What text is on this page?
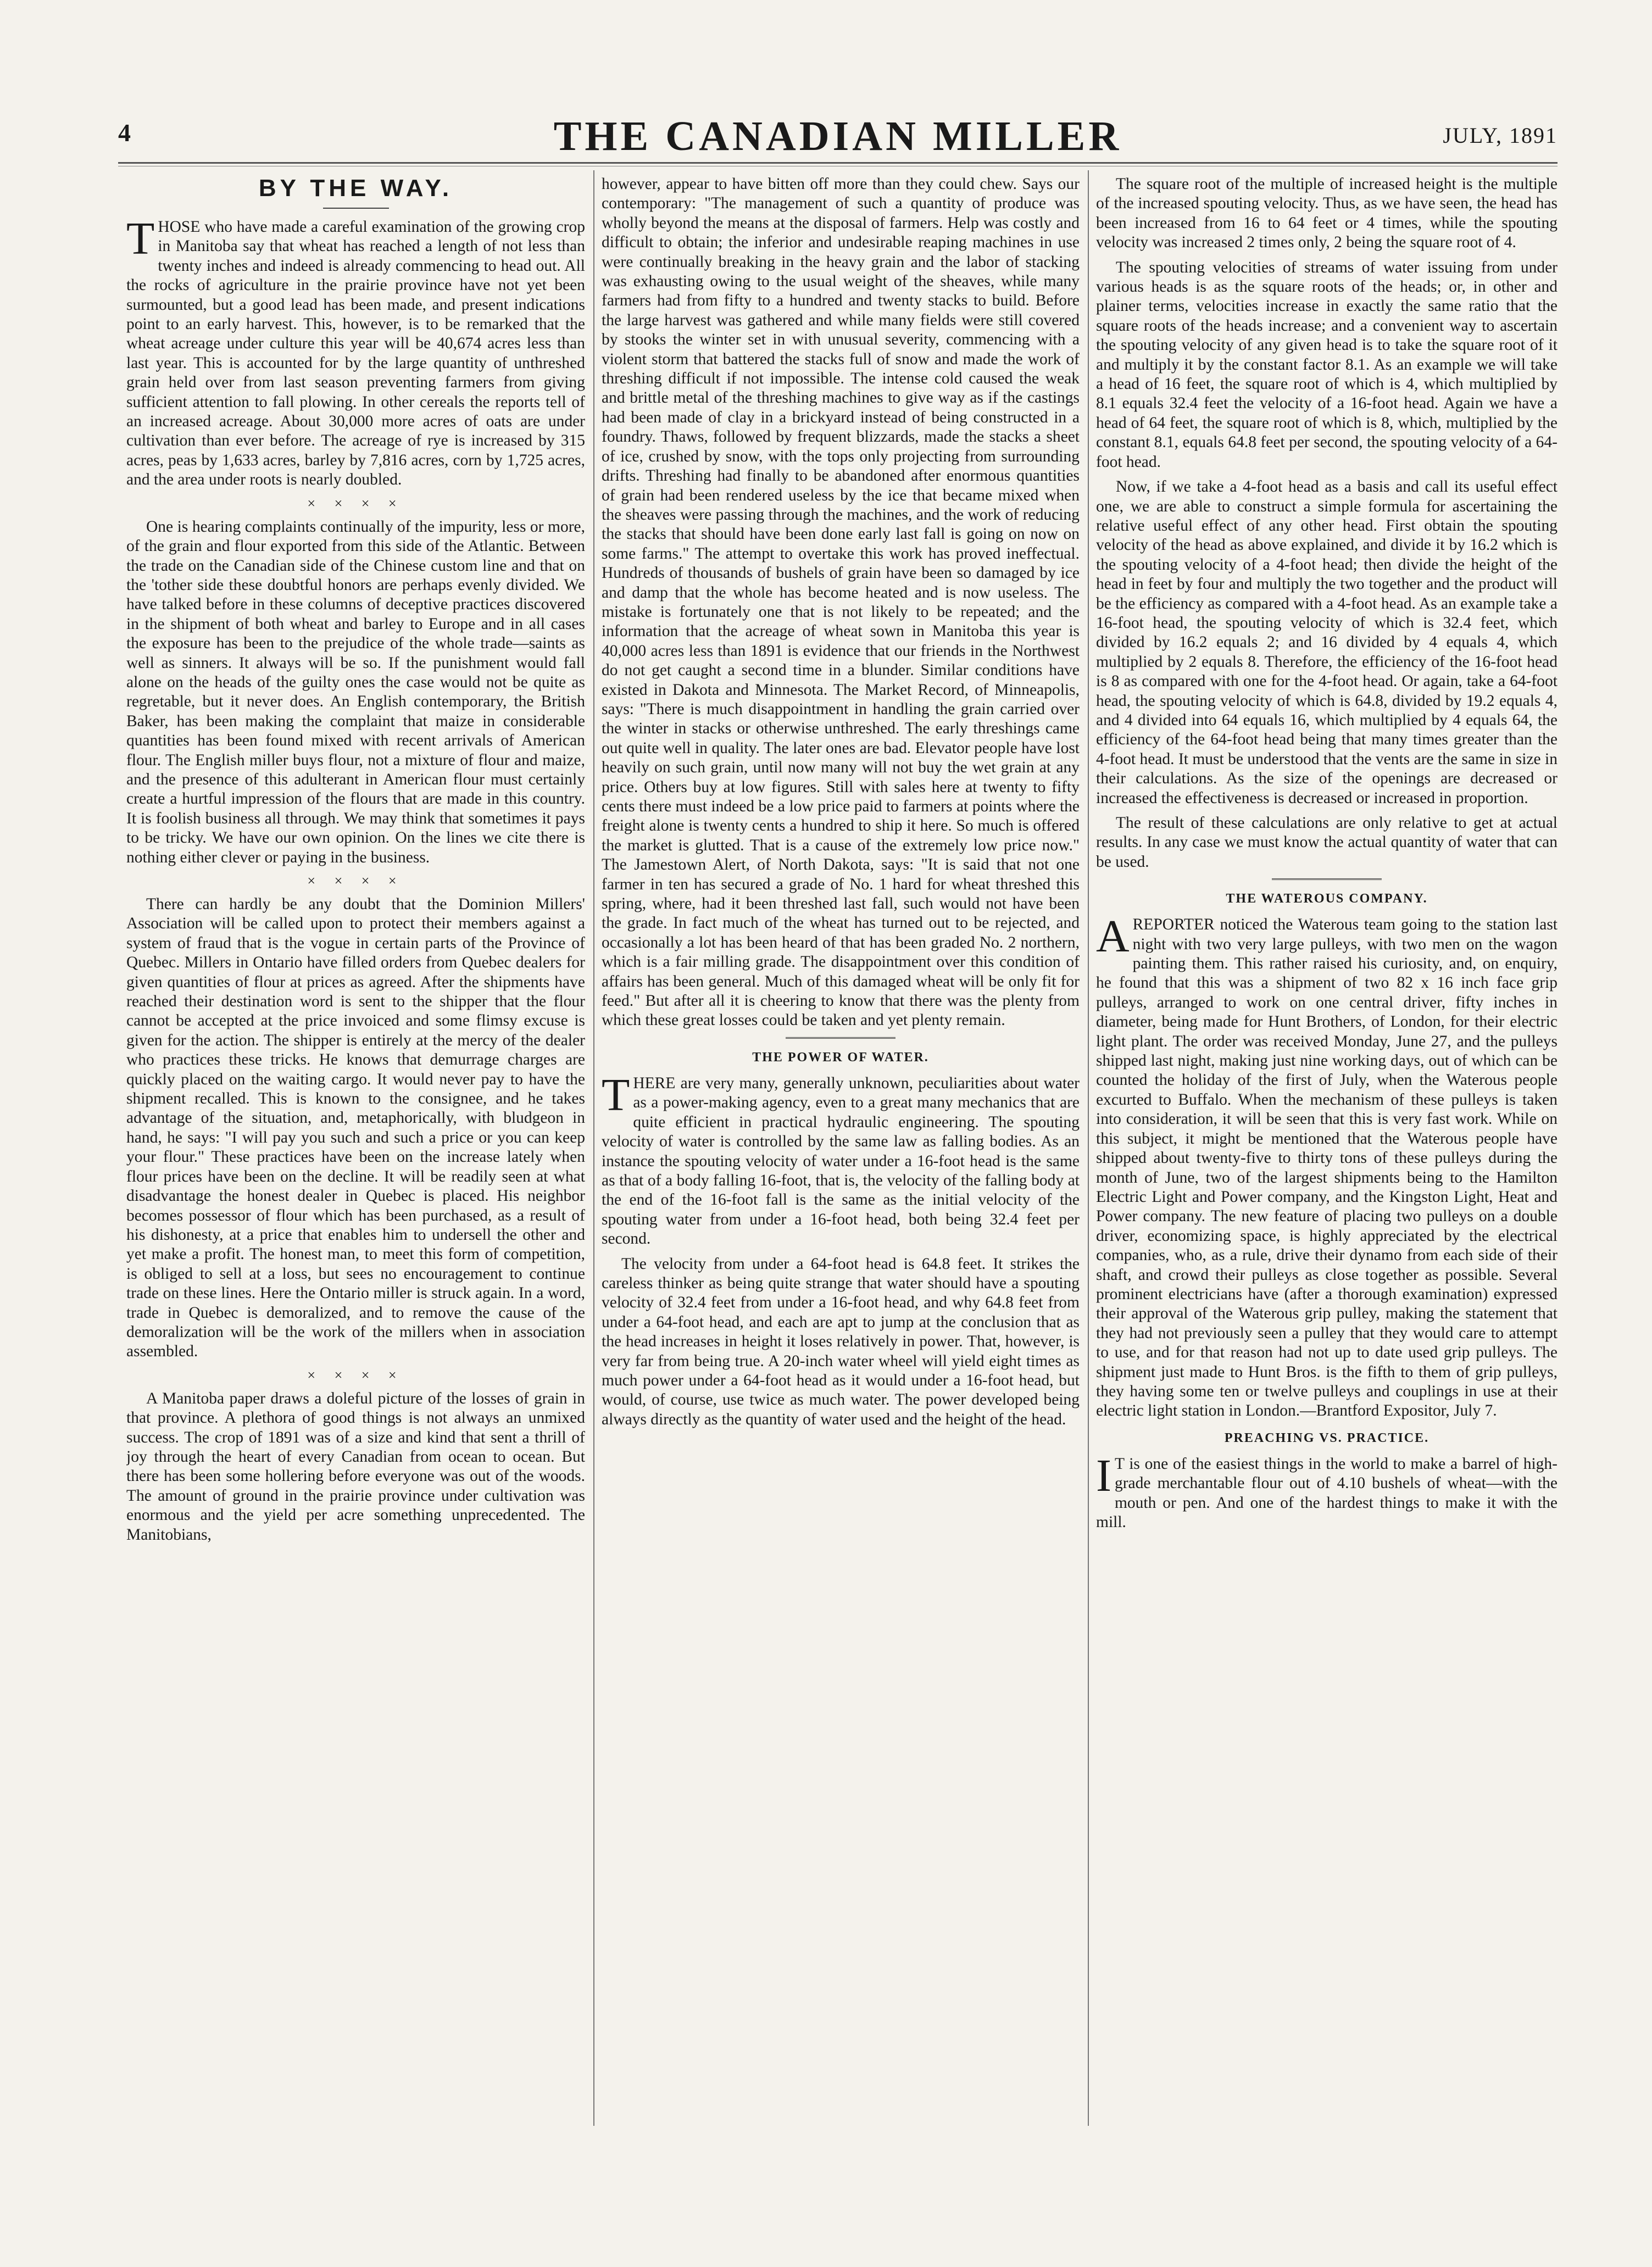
4	THE CANADIAN MILLER	JULY, 1891
BY THE WAY.

THOSE who have made a careful examination of the growing crop in Manitoba say that wheat has reached a length of not less than twenty inches and indeed is already commencing to head out. All the rocks of agriculture in the prairie province have not yet been surmounted, but a good lead has been made, and present indications point to an early harvest. This, however, is to be remarked that the wheat acreage under culture this year will be 40,674 acres less than last year. This is accounted for by the large quantity of unthreshed grain held over from last season preventing farmers from giving sufficient attention to fall plowing. In other cereals the reports tell of an increased acreage. About 30,000 more acres of oats are under cultivation than ever before. The acreage of rye is increased by 315 acres, peas by 1,633 acres, barley by 7,816 acres, corn by 1,725 acres, and the area under roots is nearly doubled.

× × × ×

One is hearing complaints continually of the impurity, less or more, of the grain and flour exported from this side of the Atlantic. Between the trade on the Canadian side of the Chinese custom line and that on the 'tother side these doubtful honors are perhaps evenly divided. We have talked before in these columns of deceptive practices discovered in the shipment of both wheat and barley to Europe and in all cases the exposure has been to the prejudice of the whole trade—saints as well as sinners. It always will be so. If the punishment would fall alone on the heads of the guilty ones the case would not be quite as regretable, but it never does. An English contemporary, the British Baker, has been making the complaint that maize in considerable quantities has been found mixed with recent arrivals of American flour. The English miller buys flour, not a mixture of flour and maize, and the presence of this adulterant in American flour must certainly create a hurtful impression of the flours that are made in this country. It is foolish business all through. We may think that sometimes it pays to be tricky. We have our own opinion. On the lines we cite there is nothing either clever or paying in the business.

× × × ×

There can hardly be any doubt that the Dominion Millers' Association will be called upon to protect their members against a system of fraud that is the vogue in certain parts of the Province of Quebec. Millers in Ontario have filled orders from Quebec dealers for given quantities of flour at prices as agreed. After the shipments have reached their destination word is sent to the shipper that the flour cannot be accepted at the price invoiced and some flimsy excuse is given for the action. The shipper is entirely at the mercy of the dealer who practices these tricks. He knows that demurrage charges are quickly placed on the waiting cargo. It would never pay to have the shipment recalled. This is known to the consignee, and he takes advantage of the situation, and, metaphorically, with bludgeon in hand, he says: "I will pay you such and such a price or you can keep your flour." These practices have been on the increase lately when flour prices have been on the decline. It will be readily seen at what disadvantage the honest dealer in Quebec is placed. His neighbor becomes possessor of flour which has been purchased, as a result of his dishonesty, at a price that enables him to undersell the other and yet make a profit. The honest man, to meet this form of competition, is obliged to sell at a loss, but sees no encouragement to continue trade on these lines. Here the Ontario miller is struck again. In a word, trade in Quebec is demoralized, and to remove the cause of the demoralization will be the work of the millers when in association assembled.

× × × ×

A Manitoba paper draws a doleful picture of the losses of grain in that province. A plethora of good things is not always an unmixed success. The crop of 1891 was of a size and kind that sent a thrill of joy through the heart of every Canadian from ocean to ocean. But there has been some hollering before everyone was out of the woods. The amount of ground in the prairie province under cultivation was enormous and the yield per acre something unprecedented. The Manitobians,

however, appear to have bitten off more than they could chew. Says our contemporary: "The management of such a quantity of produce was wholly beyond the means at the disposal of farmers. Help was costly and difficult to obtain; the inferior and undesirable reaping machines in use were continually breaking in the heavy grain and the labor of stacking was exhausting owing to the usual weight of the sheaves, while many farmers had from fifty to a hundred and twenty stacks to build. Before the large harvest was gathered and while many fields were still covered by stooks the winter set in with unusual severity, commencing with a violent storm that battered the stacks full of snow and made the work of threshing difficult if not impossible. The intense cold caused the weak and brittle metal of the threshing machines to give way as if the castings had been made of clay in a brickyard instead of being constructed in a foundry. Thaws, followed by frequent blizzards, made the stacks a sheet of ice, crushed by snow, with the tops only projecting from surrounding drifts. Threshing had finally to be abandoned after enormous quantities of grain had been rendered useless by the ice that became mixed when the sheaves were passing through the machines, and the work of reducing the stacks that should have been done early last fall is going on now on some farms." The attempt to overtake this work has proved ineffectual. Hundreds of thousands of bushels of grain have been so damaged by ice and damp that the whole has become heated and is now useless. The mistake is fortunately one that is not likely to be repeated; and the information that the acreage of wheat sown in Manitoba this year is 40,000 acres less than 1891 is evidence that our friends in the Northwest do not get caught a second time in a blunder. Similar conditions have existed in Dakota and Minnesota. The Market Record, of Minneapolis, says: "There is much disappointment in handling the grain carried over the winter in stacks or otherwise unthreshed. The early threshings came out quite well in quality. The later ones are bad. Elevator people have lost heavily on such grain, until now many will not buy the wet grain at any price. Others buy at low figures. Still with sales here at twenty to fifty cents there must indeed be a low price paid to farmers at points where the freight alone is twenty cents a hundred to ship it here. So much is offered the market is glutted. That is a cause of the extremely low price now." The Jamestown Alert, of North Dakota, says: "It is said that not one farmer in ten has secured a grade of No. 1 hard for wheat threshed this spring, where, had it been threshed last fall, such would not have been the grade. In fact much of the wheat has turned out to be rejected, and occasionally a lot has been heard of that has been graded No. 2 northern, which is a fair milling grade. The disappointment over this condition of affairs has been general. Much of this damaged wheat will be only fit for feed." But after all it is cheering to know that there was the plenty from which these great losses could be taken and yet plenty remain.

THE POWER OF WATER.

THERE are very many, generally unknown, peculiarities about water as a power-making agency, even to a great many mechanics that are quite efficient in practical hydraulic engineering. The spouting velocity of water is controlled by the same law as falling bodies. As an instance the spouting velocity of water under a 16-foot head is the same as that of a body falling 16-foot, that is, the velocity of the falling body at the end of the 16-foot fall is the same as the initial velocity of the spouting water from under a 16-foot head, both being 32.4 feet per second.

The velocity from under a 64-foot head is 64.8 feet. It strikes the careless thinker as being quite strange that water should have a spouting velocity of 32.4 feet from under a 16-foot head, and why 64.8 feet from under a 64-foot head, and each are apt to jump at the conclusion that as the head increases in height it loses relatively in power. That, however, is very far from being true. A 20-inch water wheel will yield eight times as much power under a 64-foot head as it would under a 16-foot head, but would, of course, use twice as much water. The power developed being always directly as the quantity of water used and the height of the head.

The square root of the multiple of increased height is the multiple of the increased spouting velocity. Thus, as we have seen, the head has been increased from 16 to 64 feet or 4 times, while the spouting velocity was increased 2 times only, 2 being the square root of 4.

The spouting velocities of streams of water issuing from under various heads is as the square roots of the heads; or, in other and plainer terms, velocities increase in exactly the same ratio that the square roots of the heads increase; and a convenient way to ascertain the spouting velocity of any given head is to take the square root of it and multiply it by the constant factor 8.1. As an example we will take a head of 16 feet, the square root of which is 4, which multiplied by 8.1 equals 32.4 feet the velocity of a 16-foot head. Again we have a head of 64 feet, the square root of which is 8, which, multiplied by the constant 8.1, equals 64.8 feet per second, the spouting velocity of a 64-foot head.

Now, if we take a 4-foot head as a basis and call its useful effect one, we are able to construct a simple formula for ascertaining the relative useful effect of any other head. First obtain the spouting velocity of the head as above explained, and divide it by 16.2 which is the spouting velocity of a 4-foot head; then divide the height of the head in feet by four and multiply the two together and the product will be the efficiency as compared with a 4-foot head. As an example take a 16-foot head, the spouting velocity of which is 32.4 feet, which divided by 16.2 equals 2; and 16 divided by 4 equals 4, which multiplied by 2 equals 8. Therefore, the efficiency of the 16-foot head is 8 as compared with one for the 4-foot head. Or again, take a 64-foot head, the spouting velocity of which is 64.8, divided by 19.2 equals 4, and 4 divided into 64 equals 16, which multiplied by 4 equals 64, the efficiency of the 64-foot head being that many times greater than the 4-foot head. It must be understood that the vents are the same in size in their calculations. As the size of the openings are decreased or increased the effectiveness is decreased or increased in proportion.

The result of these calculations are only relative to get at actual results. In any case we must know the actual quantity of water that can be used.

THE WATEROUS COMPANY.

A REPORTER noticed the Waterous team going to the station last night with two very large pulleys, with two men on the wagon painting them. This rather raised his curiosity, and, on enquiry, he found that this was a shipment of two 82 x 16 inch face grip pulleys, arranged to work on one central driver, fifty inches in diameter, being made for Hunt Brothers, of London, for their electric light plant. The order was received Monday, June 27, and the pulleys shipped last night, making just nine working days, out of which can be counted the holiday of the first of July, when the Waterous people excurted to Buffalo. When the mechanism of these pulleys is taken into consideration, it will be seen that this is very fast work. While on this subject, it might be mentioned that the Waterous people have shipped about twenty-five to thirty tons of these pulleys during the month of June, two of the largest shipments being to the Hamilton Electric Light and Power company, and the Kingston Light, Heat and Power company. The new feature of placing two pulleys on a double driver, economizing space, is highly appreciated by the electrical companies, who, as a rule, drive their dynamo from each side of their shaft, and crowd their pulleys as close together as possible. Several prominent electricians have (after a thorough examination) expressed their approval of the Waterous grip pulley, making the statement that they had not previously seen a pulley that they would care to attempt to use, and for that reason had not up to date used grip pulleys. The shipment just made to Hunt Bros. is the fifth to them of grip pulleys, they having some ten or twelve pulleys and couplings in use at their electric light station in London.—Brantford Expositor, July 7.

PREACHING VS. PRACTICE.

I T is one of the easiest things in the world to make a barrel of high-grade merchantable flour out of 4.10 bushels of wheat—with the mouth or pen. And one of the hardest things to make it with the mill.
